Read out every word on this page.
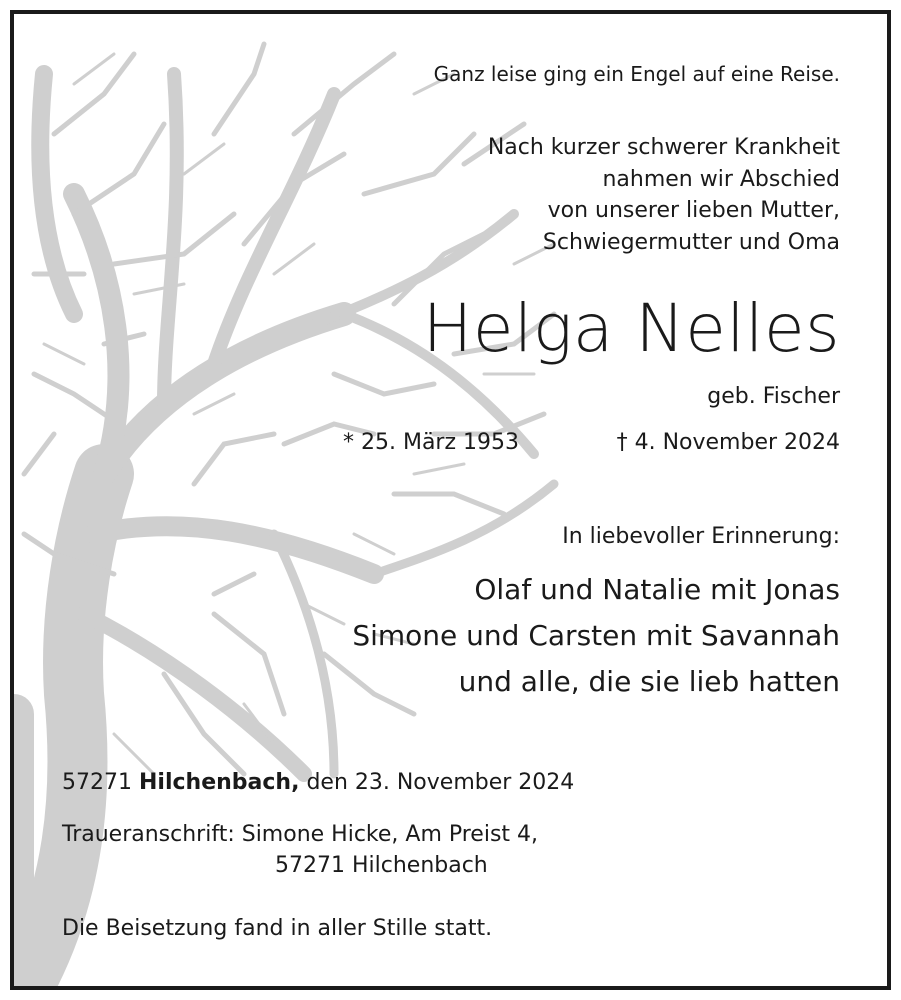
Ganz leise ging ein Engel auf eine Reise.
Nach kurzer schwerer Krankheit
nahmen wir Abschied
von unserer lieben Mutter,
Schwiegermutter und Oma
Helga Nelles
geb. Fischer
* 25. März 1953	† 4. November 2024
In liebevoller Erinnerung:
Olaf und Natalie mit Jonas
Simone und Carsten mit Savannah
und alle, die sie lieb hatten
57271 Hilchenbach, den 23. November 2024
Traueranschrift: Simone Hicke, Am Preist 4,
57271 Hilchenbach
Die Beisetzung fand in aller Stille statt.
